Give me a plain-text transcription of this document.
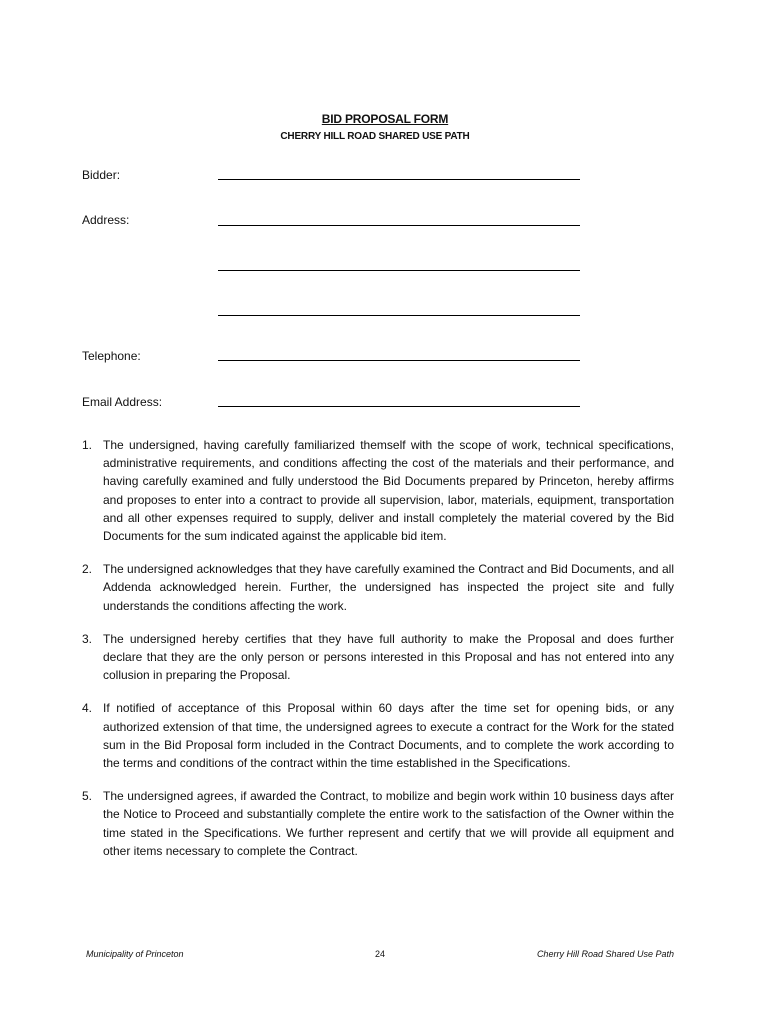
BID PROPOSAL FORM
CHERRY HILL ROAD SHARED USE PATH
Bidder:
Address:
Telephone:
Email Address:
1. The undersigned, having carefully familiarized themself with the scope of work, technical specifications, administrative requirements, and conditions affecting the cost of the materials and their performance, and having carefully examined and fully understood the Bid Documents prepared by Princeton, hereby affirms and proposes to enter into a contract to provide all supervision, labor, materials, equipment, transportation and all other expenses required to supply, deliver and install completely the material covered by the Bid Documents for the sum indicated against the applicable bid item.
2. The undersigned acknowledges that they have carefully examined the Contract and Bid Documents, and all Addenda acknowledged herein. Further, the undersigned has inspected the project site and fully understands the conditions affecting the work.
3. The undersigned hereby certifies that they have full authority to make the Proposal and does further declare that they are the only person or persons interested in this Proposal and has not entered into any collusion in preparing the Proposal.
4. If notified of acceptance of this Proposal within 60 days after the time set for opening bids, or any authorized extension of that time, the undersigned agrees to execute a contract for the Work for the stated sum in the Bid Proposal form included in the Contract Documents, and to complete the work according to the terms and conditions of the contract within the time established in the Specifications.
5. The undersigned agrees, if awarded the Contract, to mobilize and begin work within 10 business days after the Notice to Proceed and substantially complete the entire work to the satisfaction of the Owner within the time stated in the Specifications. We further represent and certify that we will provide all equipment and other items necessary to complete the Contract.
Municipality of Princeton	24	Cherry Hill Road Shared Use Path
